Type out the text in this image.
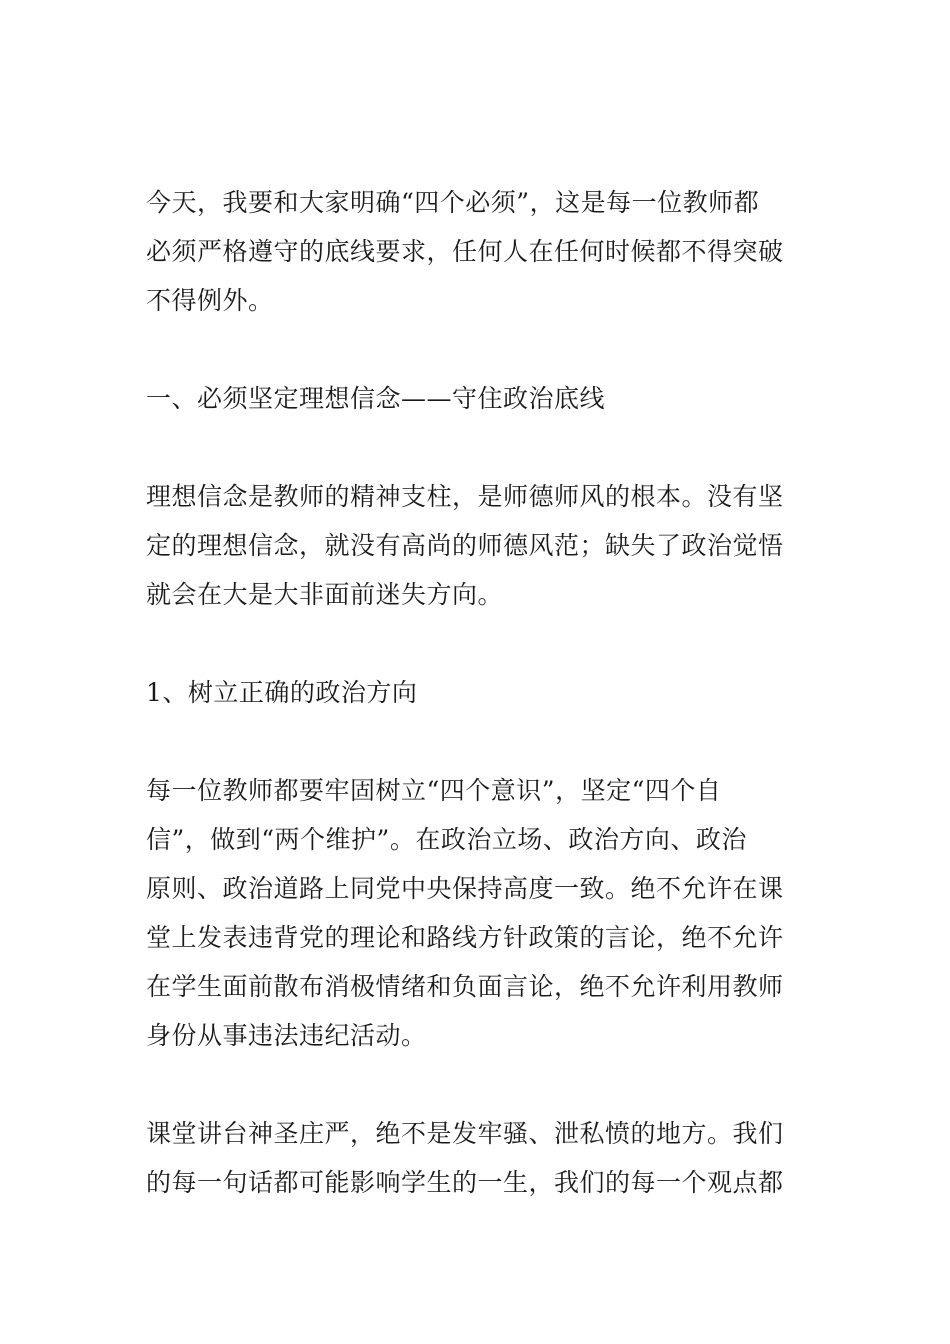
今天，我要和大家明确“四个必须”，这是每一位教师都
必须严格遵守的底线要求，任何人在任何时候都不得突破
不得例外。

一、必须坚定理想信念——守住政治底线

理想信念是教师的精神支柱，是师德师风的根本。没有坚
定的理想信念，就没有高尚的师德风范；缺失了政治觉悟
就会在大是大非面前迷失方向。

1、树立正确的政治方向

每一位教师都要牢固树立“四个意识”，坚定“四个自
信”，做到“两个维护”。在政治立场、政治方向、政治
原则、政治道路上同党中央保持高度一致。绝不允许在课
堂上发表违背党的理论和路线方针政策的言论，绝不允许
在学生面前散布消极情绪和负面言论，绝不允许利用教师
身份从事违法违纪活动。

课堂讲台神圣庄严，绝不是发牢骚、泄私愤的地方。我们
的每一句话都可能影响学生的一生，我们的每一个观点都
